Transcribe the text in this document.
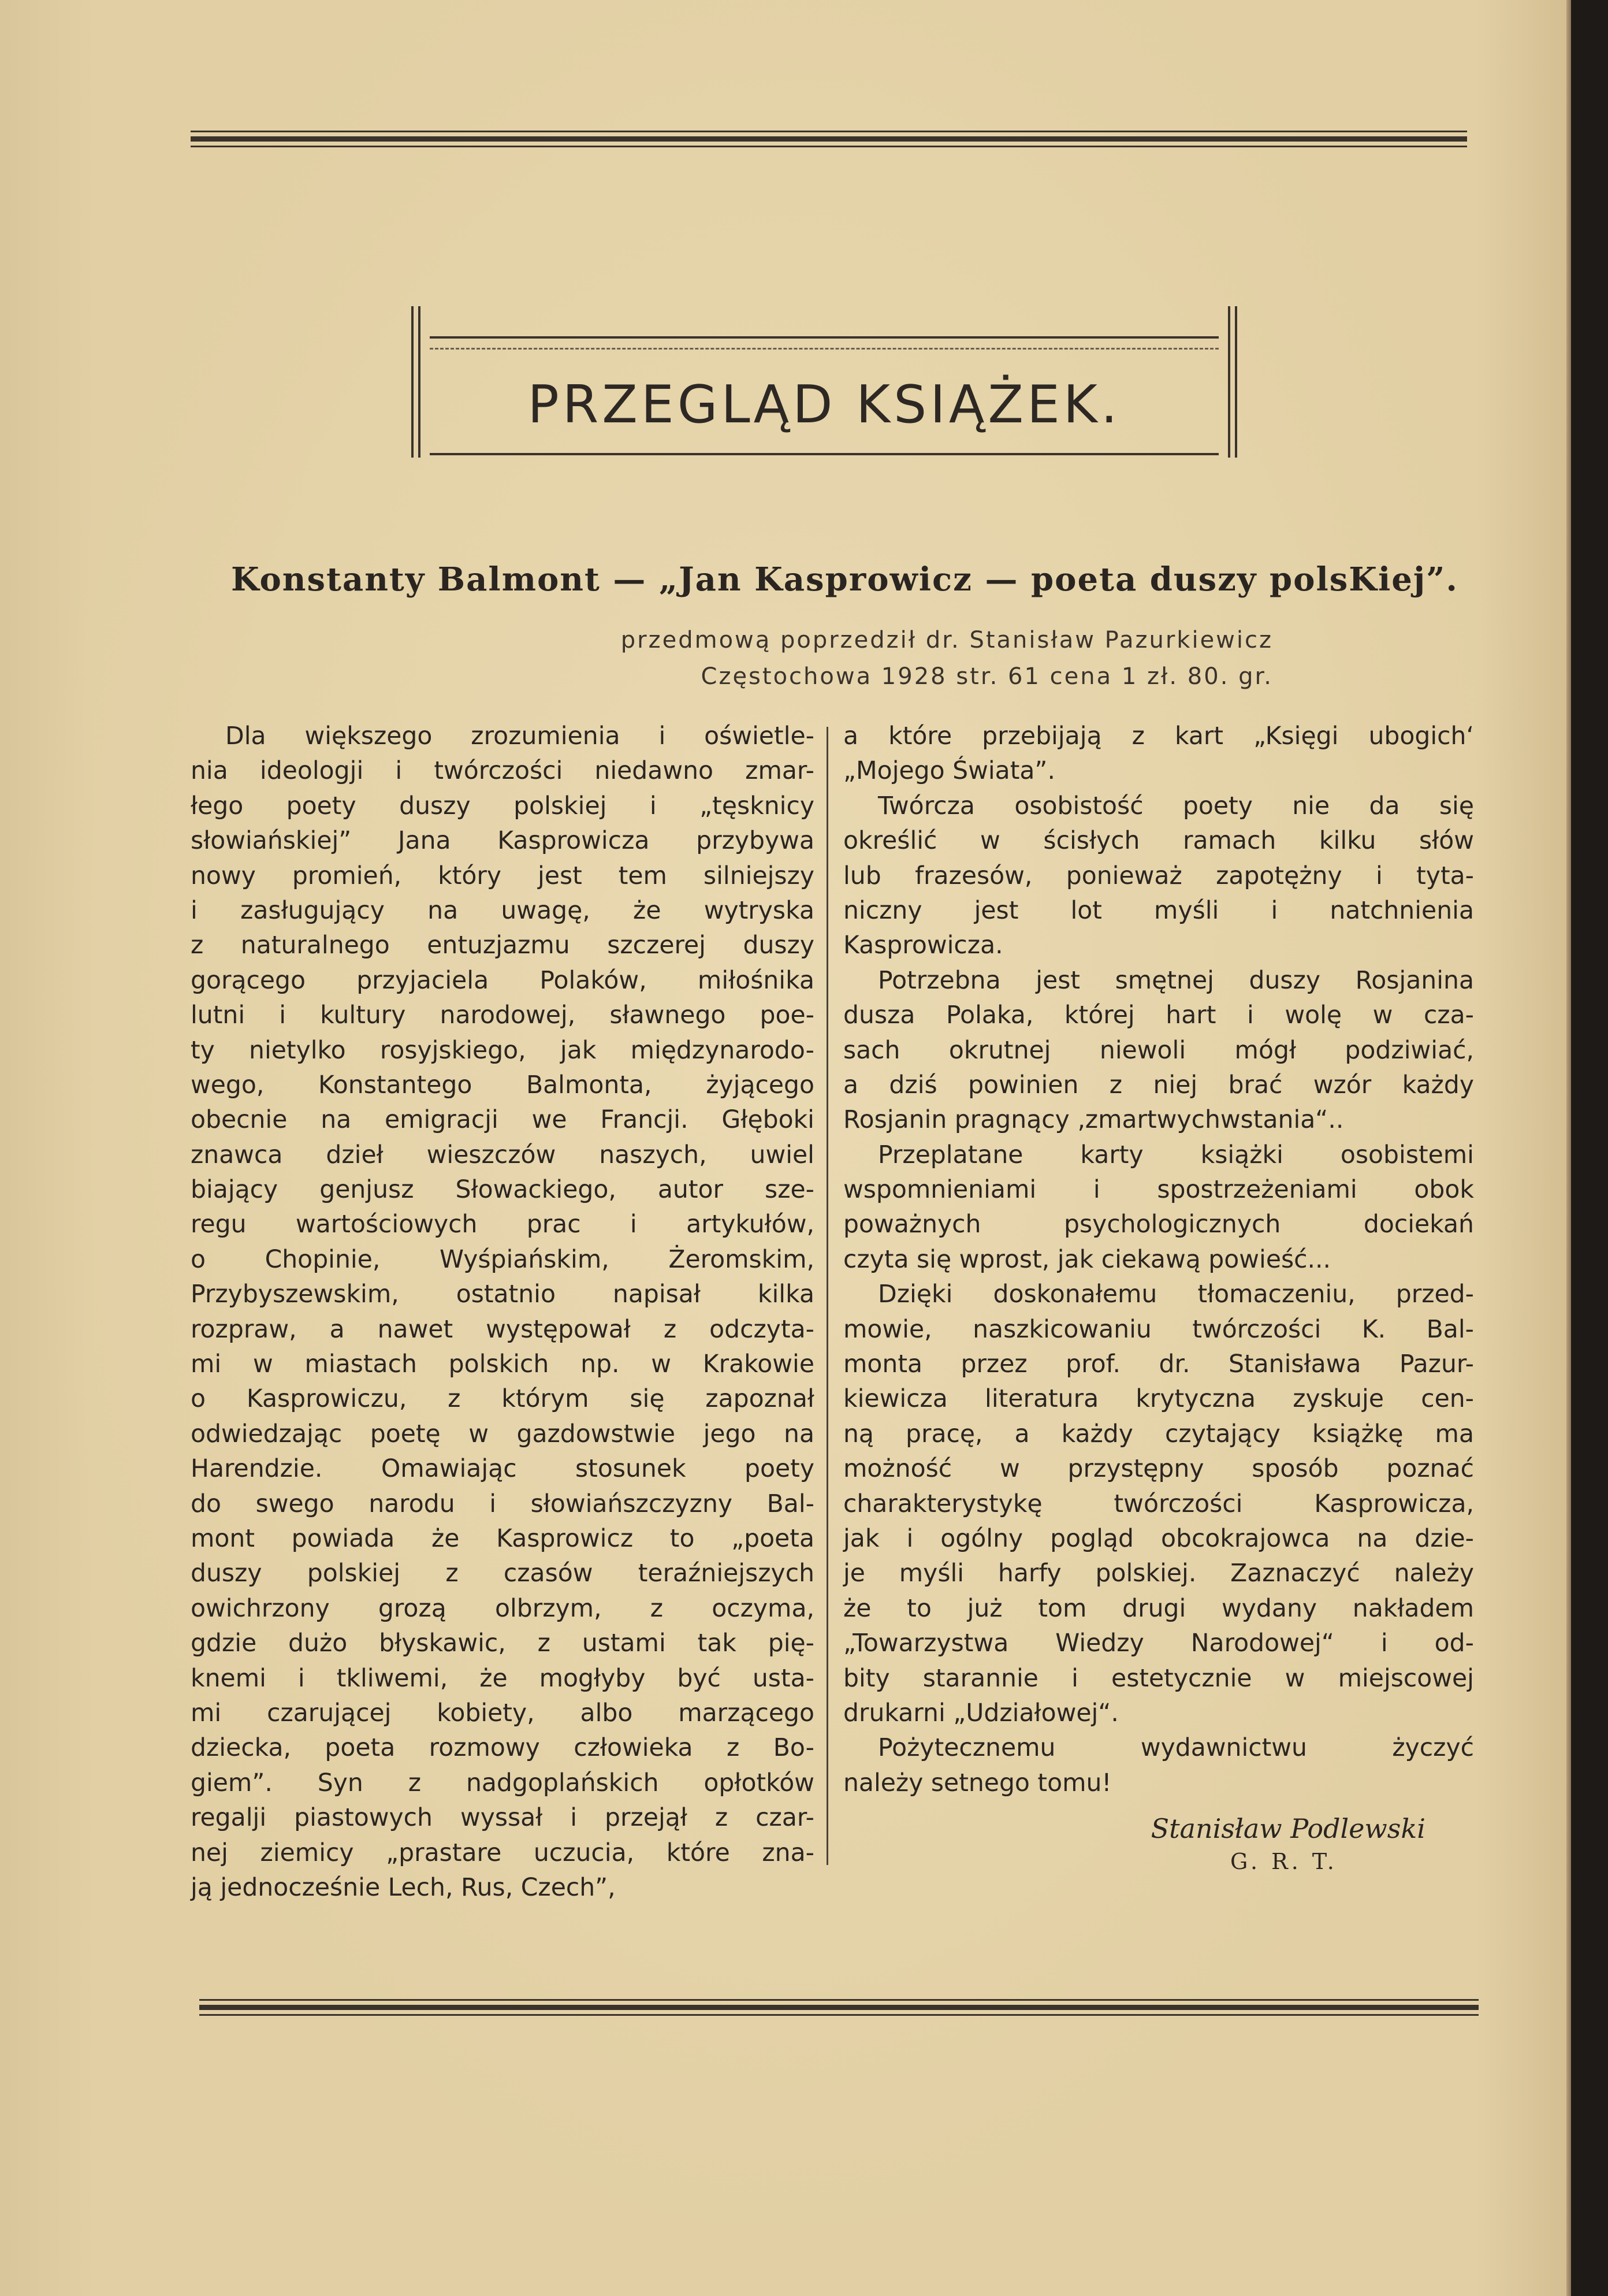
PRZEGLĄD KSIĄŻEK.
Konstanty Balmont — „Jan Kasprowicz — poeta duszy polsKiej”.
przedmową poprzedził dr. Stanisław Pazurkiewicz
Częstochowa 1928 str. 61 cena 1 zł. 80. gr.
Dla większego zrozumienia i oświetle-
nia ideologji i twórczości niedawno zmar-
łego poety duszy polskiej i „tęsknicy
słowiańskiej” Jana Kasprowicza przybywa
nowy promień, który jest tem silniejszy
i zasługujący na uwagę, że wytryska
z naturalnego entuzjazmu szczerej duszy
gorącego przyjaciela Polaków, miłośnika
lutni i kultury narodowej, sławnego poe-
ty nietylko rosyjskiego, jak międzynarodo-
wego, Konstantego Balmonta, żyjącego
obecnie na emigracji we Francji. Głęboki
znawca dzieł wieszczów naszych, uwiel
biający genjusz Słowackiego, autor sze-
regu wartościowych prac i artykułów,
o Chopinie, Wyśpiańskim, Żeromskim,
Przybyszewskim, ostatnio napisał kilka
rozpraw, a nawet występował z odczyta-
mi w miastach polskich np. w Krakowie
o Kasprowiczu, z którym się zapoznał
odwiedzając poetę w gazdowstwie jego na
Harendzie. Omawiając stosunek poety
do swego narodu i słowiańszczyzny Bal-
mont powiada że Kasprowicz to „poeta
duszy polskiej z czasów teraźniejszych
owichrzony grozą olbrzym, z oczyma,
gdzie dużo błyskawic, z ustami tak pię-
knemi i tkliwemi, że mogłyby być usta-
mi czarującej kobiety, albo marzącego
dziecka, poeta rozmowy człowieka z Bo-
giem”. Syn z nadgoplańskich opłotków
regalji piastowych wyssał i przejął z czar-
nej ziemicy „prastare uczucia, które zna-
ją jednocześnie Lech, Rus, Czech”,
a które przebijają z kart „Księgi ubogich‘
„Mojego Świata”.
Twórcza osobistość poety nie da się
określić w ścisłych ramach kilku słów
lub frazesów, ponieważ zapotężny i tyta-
niczny jest lot myśli i natchnienia
Kasprowicza.
Potrzebna jest smętnej duszy Rosjanina
dusza Polaka, której hart i wolę w cza-
sach okrutnej niewoli mógł podziwiać,
a dziś powinien z niej brać wzór każdy
Rosjanin pragnący ‚zmartwychwstania“..
Przeplatane karty książki osobistemi
wspomnieniami i spostrzeżeniami obok
poważnych psychologicznych dociekań
czyta się wprost, jak ciekawą powieść...
Dzięki doskonałemu tłomaczeniu, przed-
mowie, naszkicowaniu twórczości K. Bal-
monta przez prof. dr. Stanisława Pazur-
kiewicza literatura krytyczna zyskuje cen-
ną pracę, a każdy czytający książkę ma
możność w przystępny sposób poznać
charakterystykę twórczości Kasprowicza,
jak i ogólny pogląd obcokrajowca na dzie-
je myśli harfy polskiej. Zaznaczyć należy
że to już tom drugi wydany nakładem
„Towarzystwa Wiedzy Narodowej“ i od-
bity starannie i estetycznie w miejscowej
drukarni „Udziałowej“.
Pożytecznemu wydawnictwu życzyć
należy setnego tomu!
Stanisław Podlewski
G. R. T.
